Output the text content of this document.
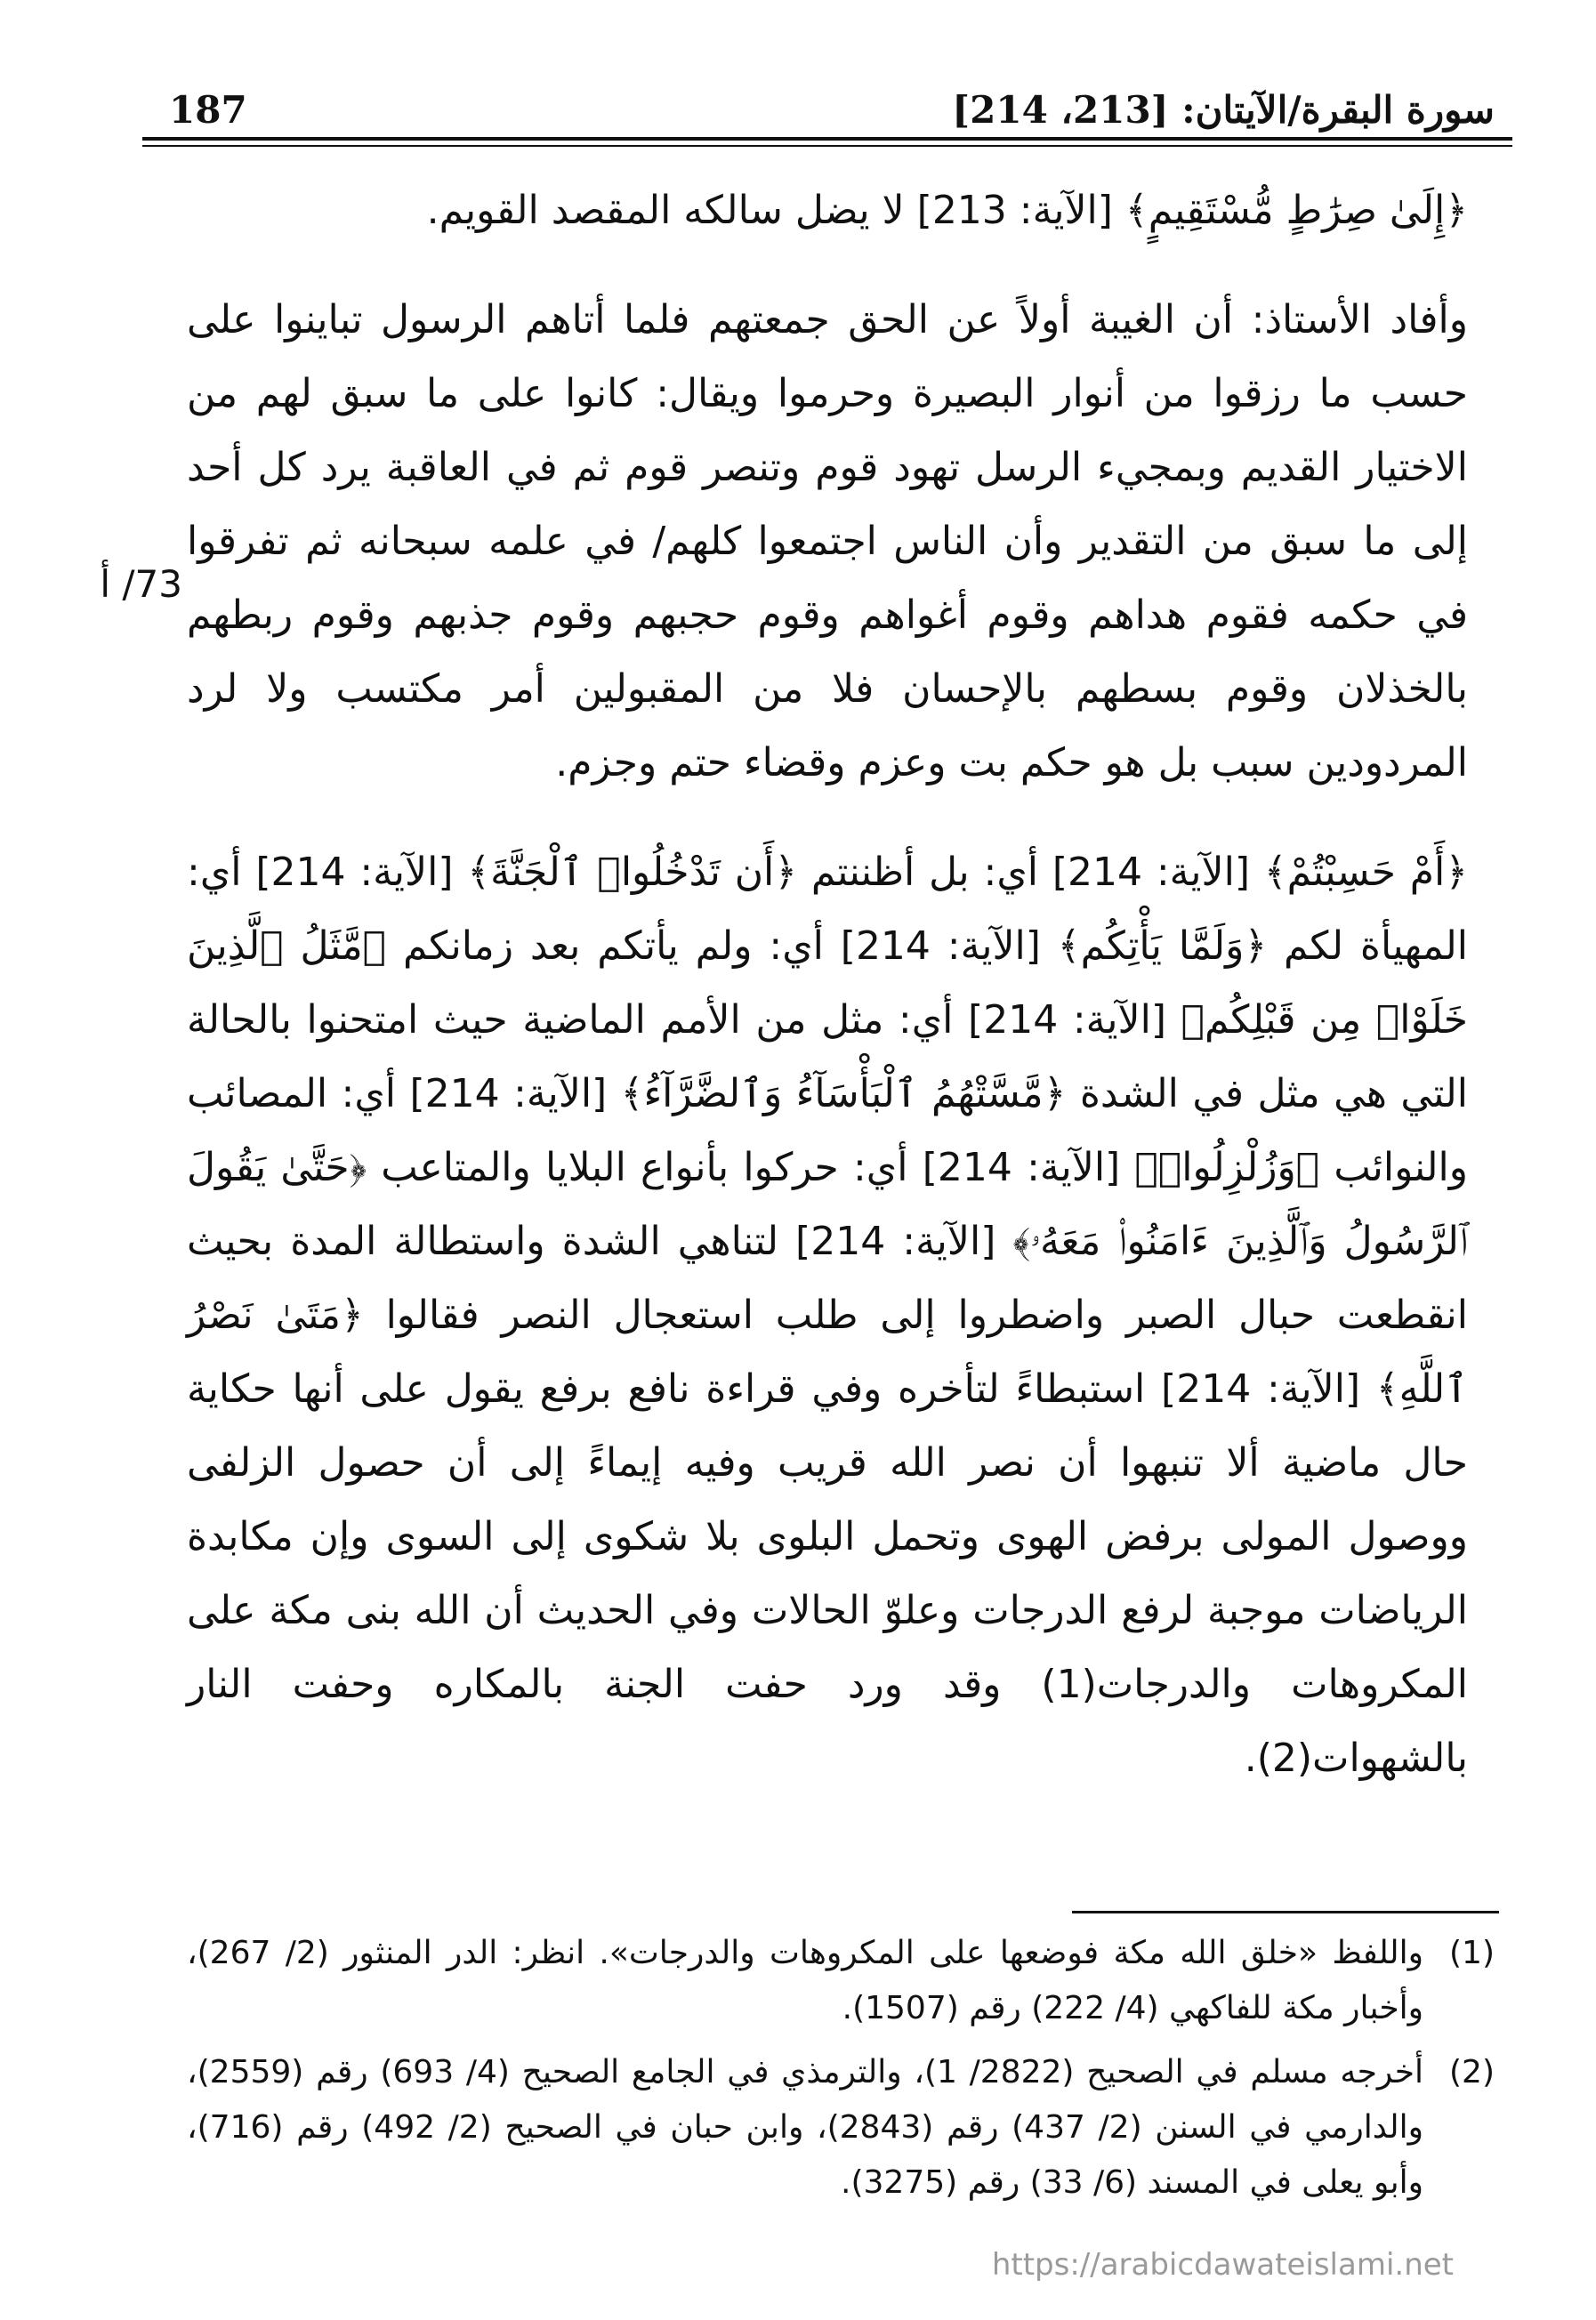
187	سورة البقرة/الآيتان: [213، 214]
73/ أ

﴿إِلَىٰ صِرَٰطٍ مُّسْتَقِيمٍ﴾ [الآية: 213] لا يضل سالكه المقصد القويم.

وأفاد الأستاذ: أن الغيبة أولاً عن الحق جمعتهم فلما أتاهم الرسول تباينوا على حسب ما رزقوا من أنوار البصيرة وحرموا ويقال: كانوا على ما سبق لهم من الاختيار القديم وبمجيء الرسل تهود قوم وتنصر قوم ثم في العاقبة يرد كل أحد إلى ما سبق من التقدير وأن الناس اجتمعوا كلهم/ في علمه سبحانه ثم تفرقوا في حكمه فقوم هداهم وقوم أغواهم وقوم حجبهم وقوم جذبهم وقوم ربطهم بالخذلان وقوم بسطهم بالإحسان فلا من المقبولين أمر مكتسب ولا لرد المردودين سبب بل هو حكم بت وعزم وقضاء حتم وجزم.

﴿أَمْ حَسِبْتُمْ﴾ [الآية: 214] أي: بل أظننتم ﴿أَن تَدْخُلُوا۟ ٱلْجَنَّةَ﴾ [الآية: 214] أي: المهيأة لكم ﴿وَلَمَّا يَأْتِكُم﴾ [الآية: 214] أي: ولم يأتكم بعد زمانكم ﴿مَّثَلُ ٱلَّذِينَ خَلَوْا۟ مِن قَبْلِكُم﴾ [الآية: 214] أي: مثل من الأمم الماضية حيث امتحنوا بالحالة التي هي مثل في الشدة ﴿مَّسَّتْهُمُ ٱلْبَأْسَآءُ وَٱلضَّرَّآءُ﴾ [الآية: 214] أي: المصائب والنوائب ﴿وَزُلْزِلُوا۟﴾ [الآية: 214] أي: حركوا بأنواع البلايا والمتاعب ﴿حَتَّىٰ يَقُولَ ٱلرَّسُولُ وَٱلَّذِينَ ءَامَنُوا۟ مَعَهُۥ﴾ [الآية: 214] لتناهي الشدة واستطالة المدة بحيث انقطعت حبال الصبر واضطروا إلى طلب استعجال النصر فقالوا ﴿مَتَىٰ نَصْرُ ٱللَّهِ﴾ [الآية: 214] استبطاءً لتأخره وفي قراءة نافع برفع يقول على أنها حكاية حال ماضية ألا تنبهوا أن نصر الله قريب وفيه إيماءً إلى أن حصول الزلفى ووصول المولى برفض الهوى وتحمل البلوى بلا شكوى إلى السوى وإن مكابدة الرياضات موجبة لرفع الدرجات وعلوّ الحالات وفي الحديث أن الله بنى مكة على المكروهات والدرجات(1) وقد ورد حفت الجنة بالمكاره وحفت النار بالشهوات(2).

(1)
واللفظ «خلق الله مكة فوضعها على المكروهات والدرجات». انظر: الدر المنثور (2/ 267)، وأخبار مكة للفاكهي (4/ 222) رقم (1507).
(2)
أخرجه مسلم في الصحيح (2822/ 1)، والترمذي في الجامع الصحيح (4/ 693) رقم (2559)، والدارمي في السنن (2/ 437) رقم (2843)، وابن حبان في الصحيح (2/ 492) رقم (716)، وأبو يعلى في المسند (6/ 33) رقم (3275).
https://arabicdawateislami.net
